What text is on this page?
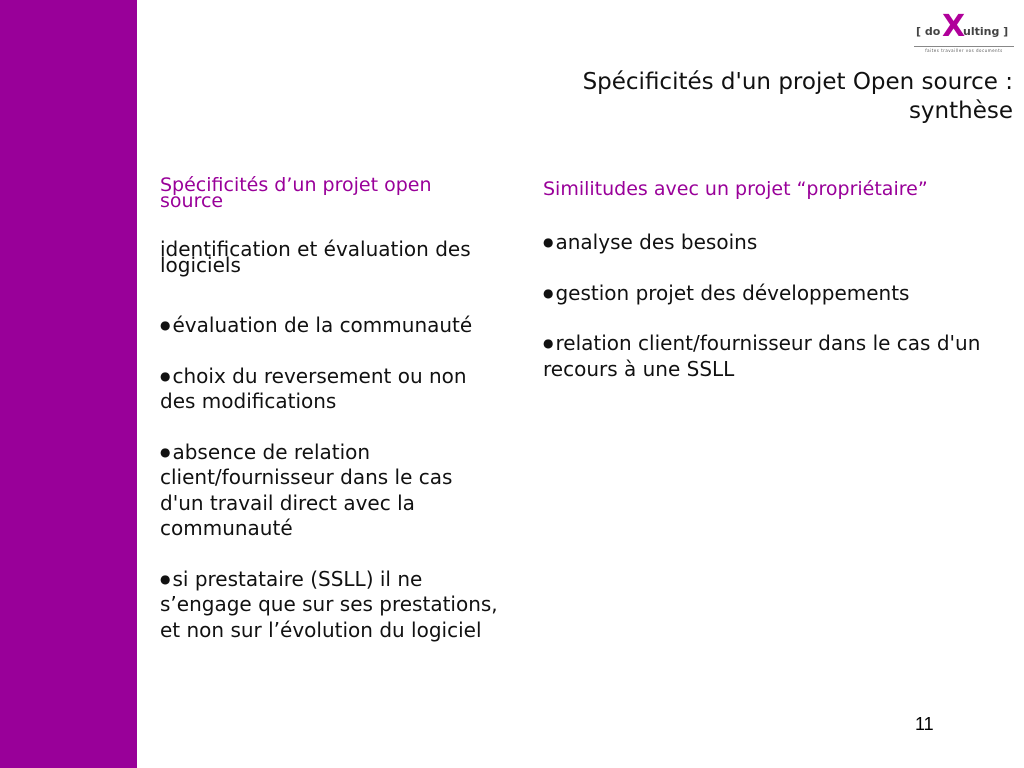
[ do X
ulting ]
faites travailler vos documents
Spécificités d'un projet Open source :
synthèse
Spécificités d’un projet open source

identification et évaluation des logiciels

● évaluation de la communauté

● choix du reversement ou non des modifications

● absence de relation client/fournisseur dans le cas d'un travail direct avec la communauté

● si prestataire (SSLL) il ne s’engage que sur ses prestations, et non sur l’évolution du logiciel

Similitudes avec un projet “propriétaire”

● analyse des besoins

● gestion projet des développements

● relation client/fournisseur dans le cas d'un recours à une SSLL

11
